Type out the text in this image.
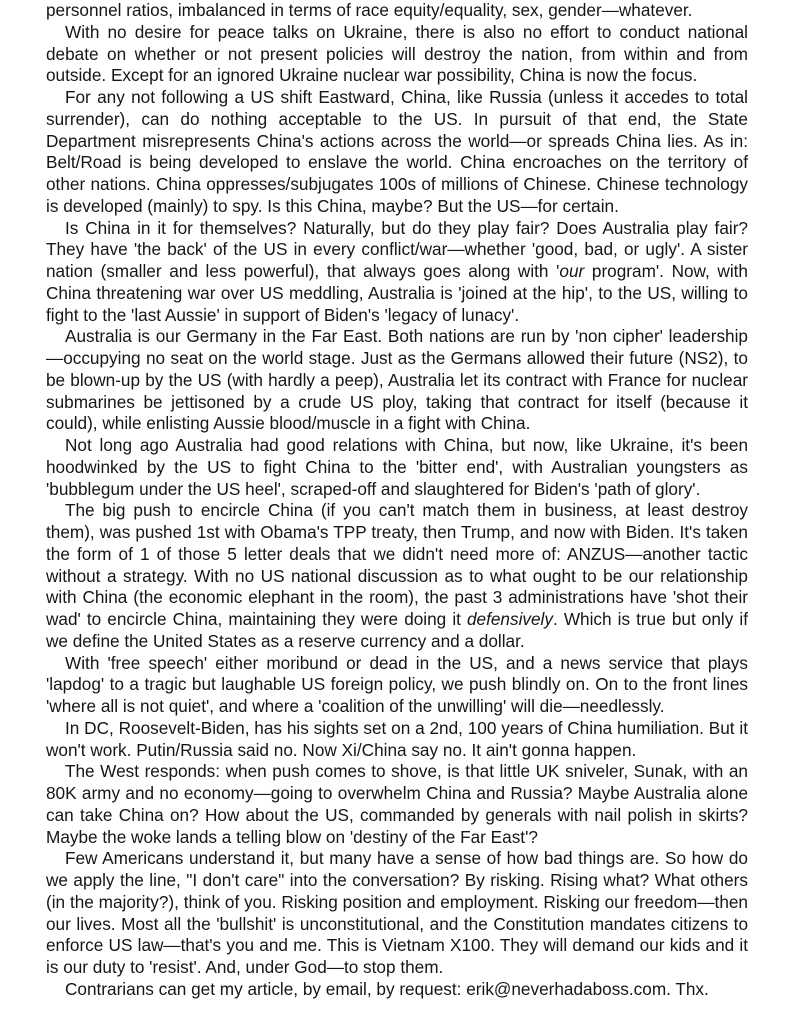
personnel ratios, imbalanced in terms of race equity/equality, sex, gender—whatever.

With no desire for peace talks on Ukraine, there is also no effort to conduct national debate on whether or not present policies will destroy the nation, from within and from outside. Except for an ignored Ukraine nuclear war possibility, China is now the focus.

For any not following a US shift Eastward, China, like Russia (unless it accedes to total surrender), can do nothing acceptable to the US. In pursuit of that end, the State Department misrepresents China's actions across the world—or spreads China lies. As in: Belt/Road is being developed to enslave the world. China encroaches on the territory of other nations. China oppresses/subjugates 100s of millions of Chinese. Chinese technology is developed (mainly) to spy. Is this China, maybe? But the US—for certain.

Is China in it for themselves? Naturally, but do they play fair? Does Australia play fair? They have 'the back' of the US in every conflict/war—whether 'good, bad, or ugly'. A sister nation (smaller and less powerful), that always goes along with 'our program'. Now, with China threatening war over US meddling, Australia is 'joined at the hip', to the US, willing to fight to the 'last Aussie' in support of Biden's 'legacy of lunacy'.

Australia is our Germany in the Far East. Both nations are run by 'non cipher' leadership—occupying no seat on the world stage. Just as the Germans allowed their future (NS2), to be blown-up by the US (with hardly a peep), Australia let its contract with France for nuclear submarines be jettisoned by a crude US ploy, taking that contract for itself (because it could), while enlisting Aussie blood/muscle in a fight with China.

Not long ago Australia had good relations with China, but now, like Ukraine, it's been hoodwinked by the US to fight China to the 'bitter end', with Australian youngsters as 'bubblegum under the US heel', scraped-off and slaughtered for Biden's 'path of glory'.

The big push to encircle China (if you can't match them in business, at least destroy them), was pushed 1st with Obama's TPP treaty, then Trump, and now with Biden. It's taken the form of 1 of those 5 letter deals that we didn't need more of: ANZUS—another tactic without a strategy. With no US national discussion as to what ought to be our relationship with China (the economic elephant in the room), the past 3 administrations have 'shot their wad' to encircle China, maintaining they were doing it defensively. Which is true but only if we define the United States as a reserve currency and a dollar.

With 'free speech' either moribund or dead in the US, and a news service that plays 'lapdog' to a tragic but laughable US foreign policy, we push blindly on. On to the front lines 'where all is not quiet', and where a 'coalition of the unwilling' will die—needlessly.

In DC, Roosevelt-Biden, has his sights set on a 2nd, 100 years of China humiliation. But it won't work. Putin/Russia said no. Now Xi/China say no. It ain't gonna happen.

The West responds: when push comes to shove, is that little UK sniveler, Sunak, with an 80K army and no economy—going to overwhelm China and Russia? Maybe Australia alone can take China on? How about the US, commanded by generals with nail polish in skirts? Maybe the woke lands a telling blow on 'destiny of the Far East'?

Few Americans understand it, but many have a sense of how bad things are. So how do we apply the line, "I don't care" into the conversation? By risking. Rising what? What others (in the majority?), think of you. Risking position and employment. Risking our freedom—then our lives. Most all the 'bullshit' is unconstitutional, and the Constitution mandates citizens to enforce US law—that's you and me. This is Vietnam X100. They will demand our kids and it is our duty to 'resist'. And, under God—to stop them.

Contrarians can get my article, by email, by request: erik@neverhadaboss.com. Thx.
